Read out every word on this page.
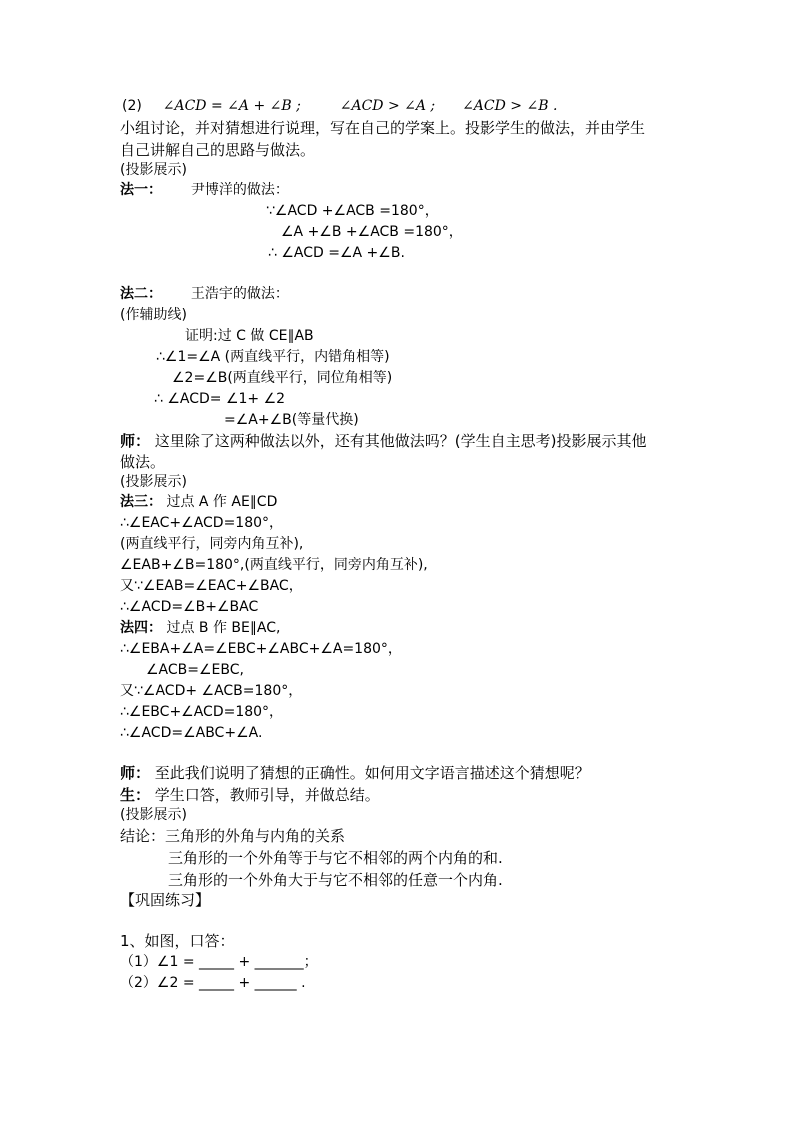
(2) ∠ACD = ∠A + ∠B ;	∠ACD > ∠A ; ∠ACD > ∠B .
小组讨论，并对猜想进行说理，写在自己的学案上。投影学生的做法，并由学生
自己讲解自己的思路与做法。
(投影展示)
法一： 尹博洋的做法：
∵∠ACD +∠ACB =180°，
∠A +∠B +∠ACB =180°，
∴ ∠ACD =∠A +∠B.
法二： 王浩宇的做法：
(作辅助线)
证明:过 C 做 CE∥AB
∴∠1=∠A (两直线平行，内错角相等)
∠2=∠B(两直线平行，同位角相等)
∴ ∠ACD= ∠1+ ∠2
=∠A+∠B(等量代换)
师： 这里除了这两种做法以外，还有其他做法吗？(学生自主思考)投影展示其他
做法。
(投影展示)
法三： 过点 A 作 AE∥CD
∴∠EAC+∠ACD=180°，
(两直线平行，同旁内角互补),
∠EAB+∠B=180°,(两直线平行，同旁内角互补),
又∵∠EAB=∠EAC+∠BAC，
∴∠ACD=∠B+∠BAC
法四： 过点 B 作 BE∥AC,
∴∠EBA+∠A=∠EBC+∠ABC+∠A=180°，
∠ACB=∠EBC,
又∵∠ACD+ ∠ACB=180°，
∴∠EBC+∠ACD=180°，
∴∠ACD=∠ABC+∠A.
师： 至此我们说明了猜想的正确性。如何用文字语言描述这个猜想呢？
生： 学生口答，教师引导，并做总结。
(投影展示)
结论：三角形的外角与内角的关系
三角形的一个外角等于与它不相邻的两个内角的和.
三角形的一个外角大于与它不相邻的任意一个内角.
【巩固练习】
1、如图，口答：
（1）∠1 = _____ + _______；
（2）∠2 = _____ + ______ .
